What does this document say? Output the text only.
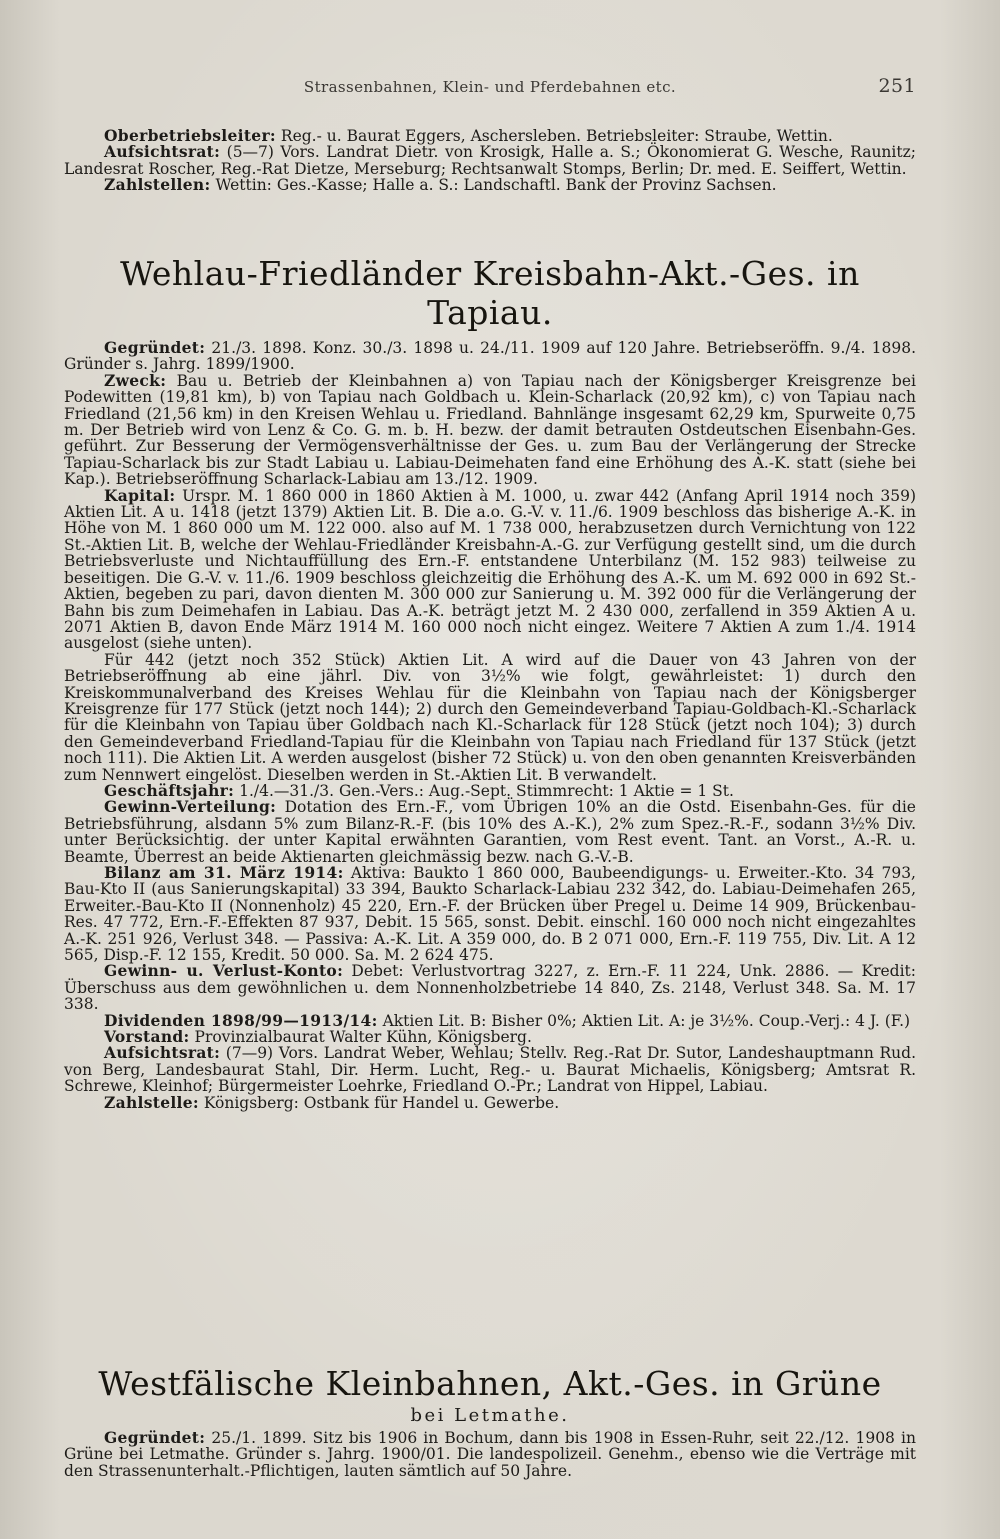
Strassenbahnen, Klein- und Pferdebahnen etc.	251

Oberbetriebsleiter: Reg.- u. Baurat Eggers, Aschersleben. Betriebsleiter: Straube, Wettin.

Aufsichtsrat: (5—7) Vors. Landrat Dietr. von Krosigk, Halle a. S.; Ökonomierat G. Wesche, Raunitz; Landesrat Roscher, Reg.-Rat Dietze, Merseburg; Rechtsanwalt Stomps, Berlin; Dr. med. E. Seiffert, Wettin.

Zahlstellen: Wettin: Ges.-Kasse; Halle a. S.: Landschaftl. Bank der Provinz Sachsen.

Wehlau-Friedländer Kreisbahn-Akt.-Ges. in Tapiau.

Gegründet: 21./3. 1898. Konz. 30./3. 1898 u. 24./11. 1909 auf 120 Jahre. Betriebseröffn. 9./4. 1898. Gründer s. Jahrg. 1899/1900.

Zweck: Bau u. Betrieb der Kleinbahnen a) von Tapiau nach der Königsberger Kreisgrenze bei Podewitten (19,81 km), b) von Tapiau nach Goldbach u. Klein-Scharlack (20,92 km), c) von Tapiau nach Friedland (21,56 km) in den Kreisen Wehlau u. Friedland. Bahnlänge insgesamt 62,29 km, Spurweite 0,75 m. Der Betrieb wird von Lenz & Co. G. m. b. H. bezw. der damit betrauten Ostdeutschen Eisenbahn-Ges. geführt. Zur Besserung der Vermögensverhältnisse der Ges. u. zum Bau der Verlängerung der Strecke Tapiau-Scharlack bis zur Stadt Labiau u. Labiau-Deimehaten fand eine Erhöhung des A.-K. statt (siehe bei Kap.). Betriebseröffnung Scharlack-Labiau am 13./12. 1909.

Kapital: Urspr. M. 1 860 000 in 1860 Aktien à M. 1000, u. zwar 442 (Anfang April 1914 noch 359) Aktien Lit. A u. 1418 (jetzt 1379) Aktien Lit. B. Die a.o. G.-V. v. 11./6. 1909 beschloss das bisherige A.-K. in Höhe von M. 1 860 000 um M. 122 000. also auf M. 1 738 000, herabzusetzen durch Vernichtung von 122 St.-Aktien Lit. B, welche der Wehlau-Friedländer Kreisbahn-A.-G. zur Verfügung gestellt sind, um die durch Betriebsverluste und Nichtauffüllung des Ern.-F. entstandene Unterbilanz (M. 152 983) teilweise zu beseitigen. Die G.-V. v. 11./6. 1909 beschloss gleichzeitig die Erhöhung des A.-K. um M. 692 000 in 692 St.-Aktien, begeben zu pari, davon dienten M. 300 000 zur Sanierung u. M. 392 000 für die Verlängerung der Bahn bis zum Deimehafen in Labiau. Das A.-K. beträgt jetzt M. 2 430 000, zerfallend in 359 Aktien A u. 2071 Aktien B, davon Ende März 1914 M. 160 000 noch nicht eingez. Weitere 7 Aktien A zum 1./4. 1914 ausgelost (siehe unten).

Für 442 (jetzt noch 352 Stück) Aktien Lit. A wird auf die Dauer von 43 Jahren von der Betriebseröffnung ab eine jährl. Div. von 3½% wie folgt, gewährleistet: 1) durch den Kreiskommunalverband des Kreises Wehlau für die Kleinbahn von Tapiau nach der Königsberger Kreisgrenze für 177 Stück (jetzt noch 144); 2) durch den Gemeindeverband Tapiau-Goldbach-Kl.-Scharlack für die Kleinbahn von Tapiau über Goldbach nach Kl.-Scharlack für 128 Stück (jetzt noch 104); 3) durch den Gemeindeverband Friedland-Tapiau für die Kleinbahn von Tapiau nach Friedland für 137 Stück (jetzt noch 111). Die Aktien Lit. A werden ausgelost (bisher 72 Stück) u. von den oben genannten Kreisverbänden zum Nennwert eingelöst. Dieselben werden in St.-Aktien Lit. B verwandelt.

Geschäftsjahr: 1./4.—31./3. Gen.-Vers.: Aug.-Sept. Stimmrecht: 1 Aktie = 1 St.

Gewinn-Verteilung: Dotation des Ern.-F., vom Übrigen 10% an die Ostd. Eisenbahn-Ges. für die Betriebsführung, alsdann 5% zum Bilanz-R.-F. (bis 10% des A.-K.), 2% zum Spez.-R.-F., sodann 3½% Div. unter Berücksichtig. der unter Kapital erwähnten Garantien, vom Rest event. Tant. an Vorst., A.-R. u. Beamte, Überrest an beide Aktienarten gleichmässig bezw. nach G.-V.-B.

Bilanz am 31. März 1914: Aktiva: Baukto 1 860 000, Baubeendigungs- u. Erweiter.-Kto. 34 793, Bau-Kto II (aus Sanierungskapital) 33 394, Baukto Scharlack-Labiau 232 342, do. Labiau-Deimehafen 265, Erweiter.-Bau-Kto II (Nonnenholz) 45 220, Ern.-F. der Brücken über Pregel u. Deime 14 909, Brückenbau-Res. 47 772, Ern.-F.-Effekten 87 937, Debit. 15 565, sonst. Debit. einschl. 160 000 noch nicht eingezahltes A.-K. 251 926, Verlust 348. — Passiva: A.-K. Lit. A 359 000, do. B 2 071 000, Ern.-F. 119 755, Div. Lit. A 12 565, Disp.-F. 12 155, Kredit. 50 000. Sa. M. 2 624 475.

Gewinn- u. Verlust-Konto: Debet: Verlustvortrag 3227, z. Ern.-F. 11 224, Unk. 2886. — Kredit: Überschuss aus dem gewöhnlichen u. dem Nonnenholzbetriebe 14 840, Zs. 2148, Verlust 348. Sa. M. 17 338.

Dividenden 1898/99—1913/14: Aktien Lit. B: Bisher 0%; Aktien Lit. A: je 3½%. Coup.-Verj.: 4 J. (F.)

Vorstand: Provinzialbaurat Walter Kühn, Königsberg.

Aufsichtsrat: (7—9) Vors. Landrat Weber, Wehlau; Stellv. Reg.-Rat Dr. Sutor, Landeshauptmann Rud. von Berg, Landesbaurat Stahl, Dir. Herm. Lucht, Reg.- u. Baurat Michaelis, Königsberg; Amtsrat R. Schrewe, Kleinhof; Bürgermeister Loehrke, Friedland O.-Pr.; Landrat von Hippel, Labiau.

Zahlstelle: Königsberg: Ostbank für Handel u. Gewerbe.

Westfälische Kleinbahnen, Akt.-Ges. in Grüne
bei Letmathe.

Gegründet: 25./1. 1899. Sitz bis 1906 in Bochum, dann bis 1908 in Essen-Ruhr, seit 22./12. 1908 in Grüne bei Letmathe. Gründer s. Jahrg. 1900/01. Die landespolizeil. Genehm., ebenso wie die Verträge mit den Strassenunterhalt.-Pflichtigen, lauten sämtlich auf 50 Jahre.
